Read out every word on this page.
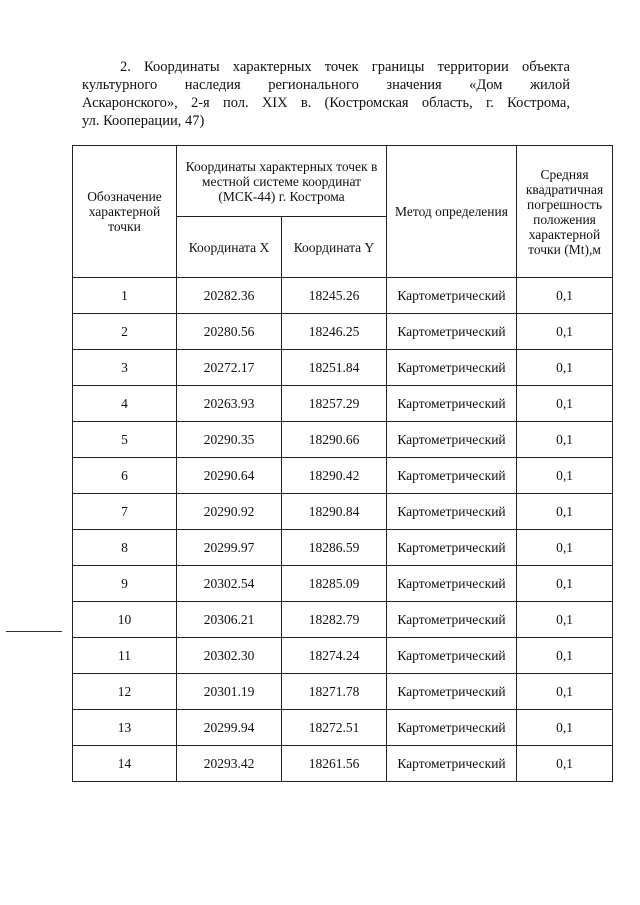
2. Координаты характерных точек границы территории объекта
культурного наследия регионального значения «Дом жилой
Аскаронского», 2-я пол. XIX в. (Костромская область, г. Кострома,
ул. Кооперации, 47)
Обозначение характерной точки	Координаты характерных точек в местной системе координат (МСК-44) г. Кострома		Метод определения	Средняя квадратичная погрешность положения характерной точки (Mt),м
	Координата X	Координата Y		
1	20282.36	18245.26	Картометрический	0,1
2	20280.56	18246.25	Картометрический	0,1
3	20272.17	18251.84	Картометрический	0,1
4	20263.93	18257.29	Картометрический	0,1
5	20290.35	18290.66	Картометрический	0,1
6	20290.64	18290.42	Картометрический	0,1
7	20290.92	18290.84	Картометрический	0,1
8	20299.97	18286.59	Картометрический	0,1
9	20302.54	18285.09	Картометрический	0,1
10	20306.21	18282.79	Картометрический	0,1
11	20302.30	18274.24	Картометрический	0,1
12	20301.19	18271.78	Картометрический	0,1
13	20299.94	18272.51	Картометрический	0,1
14	20293.42	18261.56	Картометрический	0,1
